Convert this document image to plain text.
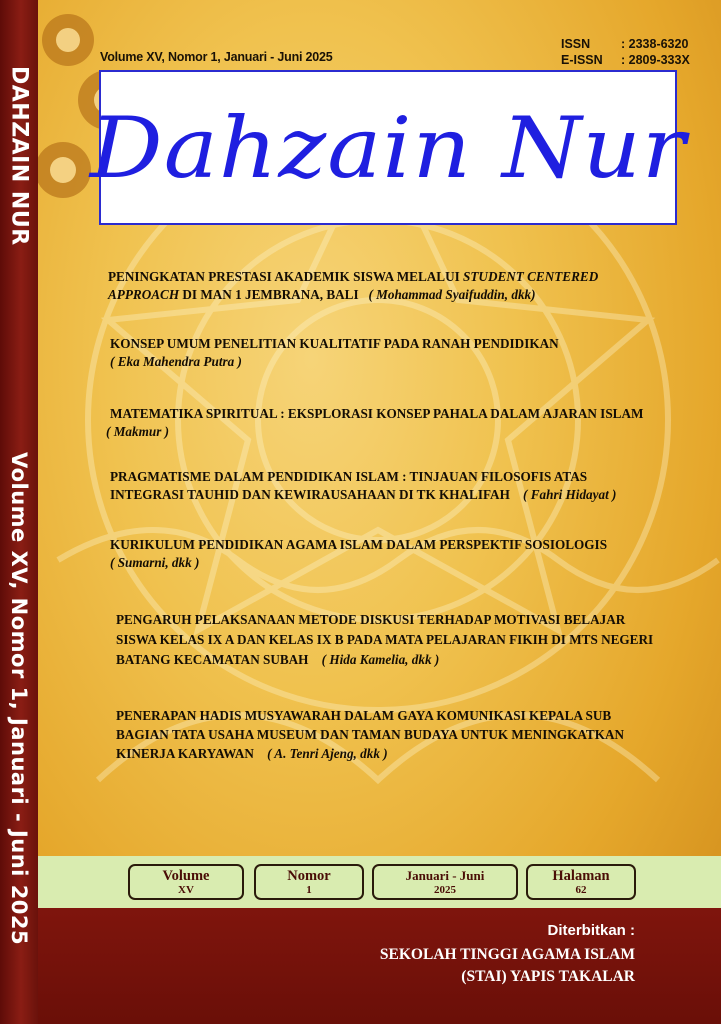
DAHZAIN NUR
Volume XV, Nomor 1, Januari - Juni 2025
Volume XV, Nomor 1, Januari - Juni 2025
ISSN	: 2338-6320
E-ISSN	: 2809-333X
Dahzain Nur
PENINGKATAN PRESTASI AKADEMIK SISWA MELALUI STUDENT CENTERED
APPROACH DI MAN 1 JEMBRANA, BALI ( Mohammad Syaifuddin, dkk)
KONSEP UMUM PENELITIAN KUALITATIF PADA RANAH PENDIDIKAN
( Eka Mahendra Putra )
MATEMATIKA SPIRITUAL : EKSPLORASI KONSEP PAHALA DALAM AJARAN ISLAM
( Makmur )
PRAGMATISME DALAM PENDIDIKAN ISLAM : TINJAUAN FILOSOFIS ATAS
INTEGRASI TAUHID DAN KEWIRAUSAHAAN DI TK KHALIFAH ( Fahri Hidayat )
KURIKULUM PENDIDIKAN AGAMA ISLAM DALAM PERSPEKTIF SOSIOLOGIS
( Sumarni, dkk )
PENGARUH PELAKSANAAN METODE DISKUSI TERHADAP MOTIVASI BELAJAR
SISWA KELAS IX A DAN KELAS IX B PADA MATA PELAJARAN FIKIH DI MTS NEGERI
BATANG KECAMATAN SUBAH ( Hida Kamelia, dkk )
PENERAPAN HADIS MUSYAWARAH DALAM GAYA KOMUNIKASI KEPALA SUB
BAGIAN TATA USAHA MUSEUM DAN TAMAN BUDAYA UNTUK MENINGKATKAN
KINERJA KARYAWAN ( A. Tenri Ajeng, dkk )
Volume
XV
Nomor
1
Januari - Juni
2025
Halaman
62
Diterbitkan :
SEKOLAH TINGGI AGAMA ISLAM
(STAI) YAPIS TAKALAR
